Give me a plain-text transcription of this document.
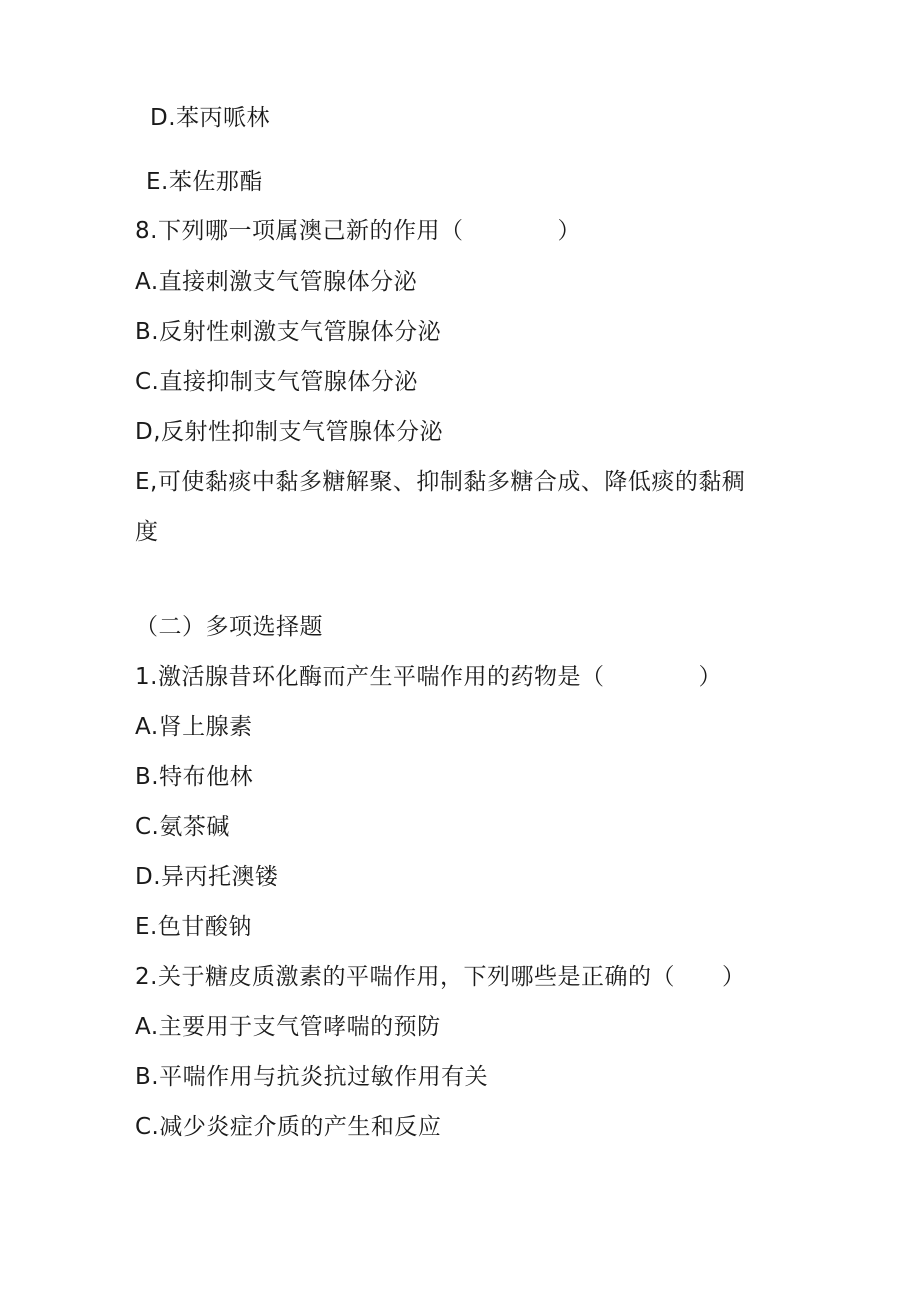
D.苯丙哌林
E.苯佐那酯
8.下列哪一项属澳己新的作用（　　　　）
A.直接刺激支气管腺体分泌
B.反射性刺激支气管腺体分泌
C.直接抑制支气管腺体分泌
D,反射性抑制支气管腺体分泌
E,可使黏痰中黏多糖解聚、抑制黏多糖合成、降低痰的黏稠
度
（二）多项选择题
1.激活腺昔环化酶而产生平喘作用的药物是（　　　　）
A.肾上腺素
B.特布他林
C.氨茶碱
D.异丙托澳镂
E.色甘酸钠
2.关于糖皮质激素的平喘作用，下列哪些是正确的（　　）
A.主要用于支气管哮喘的预防
B.平喘作用与抗炎抗过敏作用有关
C.减少炎症介质的产生和反应
